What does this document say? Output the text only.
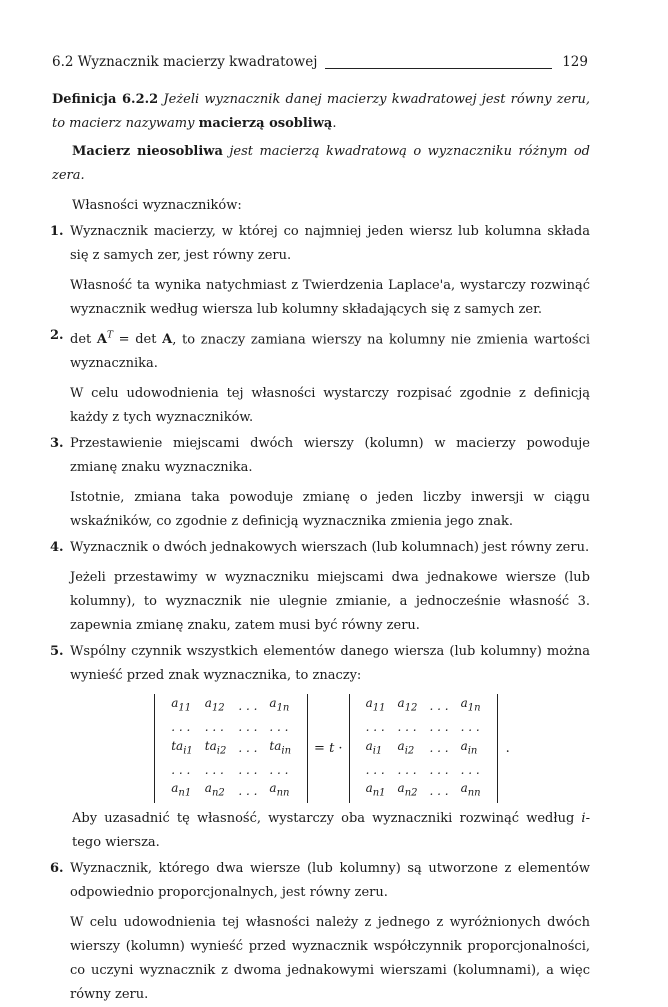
6.2 Wyznacznik macierzy kwadratowej	129

Definicja 6.2.2 Jeżeli wyznacznik danej macierzy kwadratowej jest równy zeru, to macierz nazywamy macierzą osobliwą.

Macierz nieosobliwa jest macierzą kwadratową o wyznaczniku różnym od zera.

Własności wyznaczników:

1. Wyznacznik macierzy, w której co najmniej jeden wiersz lub kolumna składa się z samych zer, jest równy zeru.

Własność ta wynika natychmiast z Twierdzenia Laplace'a, wystarczy rozwinąć wyznacznik według wiersza lub kolumny składających się z samych zer.

2. $\det A^T = \det A$, to znaczy zamiana wierszy na kolumny nie zmienia wartości wyznacznika.

W celu udowodnienia tej własności wystarczy rozpisać zgodnie z definicją każdy z tych wyznaczników.

3. Przestawienie miejscami dwóch wierszy (kolumn) w macierzy powoduje zmianę znaku wyznacznika.

Istotnie, zmiana taka powoduje zmianę o jeden liczby inwersji w ciągu wskaźników, co zgodnie z definicją wyznacznika zmienia jego znak.

4. Wyznacznik o dwóch jednakowych wierszach (lub kolumnach) jest równy zeru.

Jeżeli przestawimy w wyznaczniku miejscami dwa jednakowe wiersze (lub kolumny), to wyznacznik nie ulegnie zmianie, a jednocześnie własność 3. zapewnia zmianę znaku, zatem musi być równy zeru.

5. Wspólny czynnik wszystkich elementów danego wiersza (lub kolumny) można wynieść przed znak wyznacznika, to znaczy:

$a_{11}$	$a_{12}$	. . .	$a_{1n}$
. . .	. . .	. . .	. . .
$ta_{i1}$	$ta_{i2}$	. . .	$ta_{in}$
. . .	. . .	. . .	. . .
$a_{n1}$	$a_{n2}$	. . .	$a_{nn}$
= t ·
$a_{11}$	$a_{12}$	. . .	$a_{1n}$
. . .	. . .	. . .	. . .
$a_{i1}$	$a_{i2}$	. . .	$a_{in}$
. . .	. . .	. . .	. . .
$a_{n1}$	$a_{n2}$	. . .	$a_{nn}$
.

Aby uzasadnić tę własność, wystarczy oba wyznaczniki rozwinąć według i-tego wiersza.

6. Wyznacznik, którego dwa wiersze (lub kolumny) są utworzone z elementów odpowiednio proporcjonalnych, jest równy zeru.

W celu udowodnienia tej własności należy z jednego z wyróżnionych dwóch wierszy (kolumn) wynieść przed wyznacznik współczynnik proporcjonalności, co uczyni wyznacznik z dwoma jednakowymi wierszami (kolumnami), a więc równy zeru.
